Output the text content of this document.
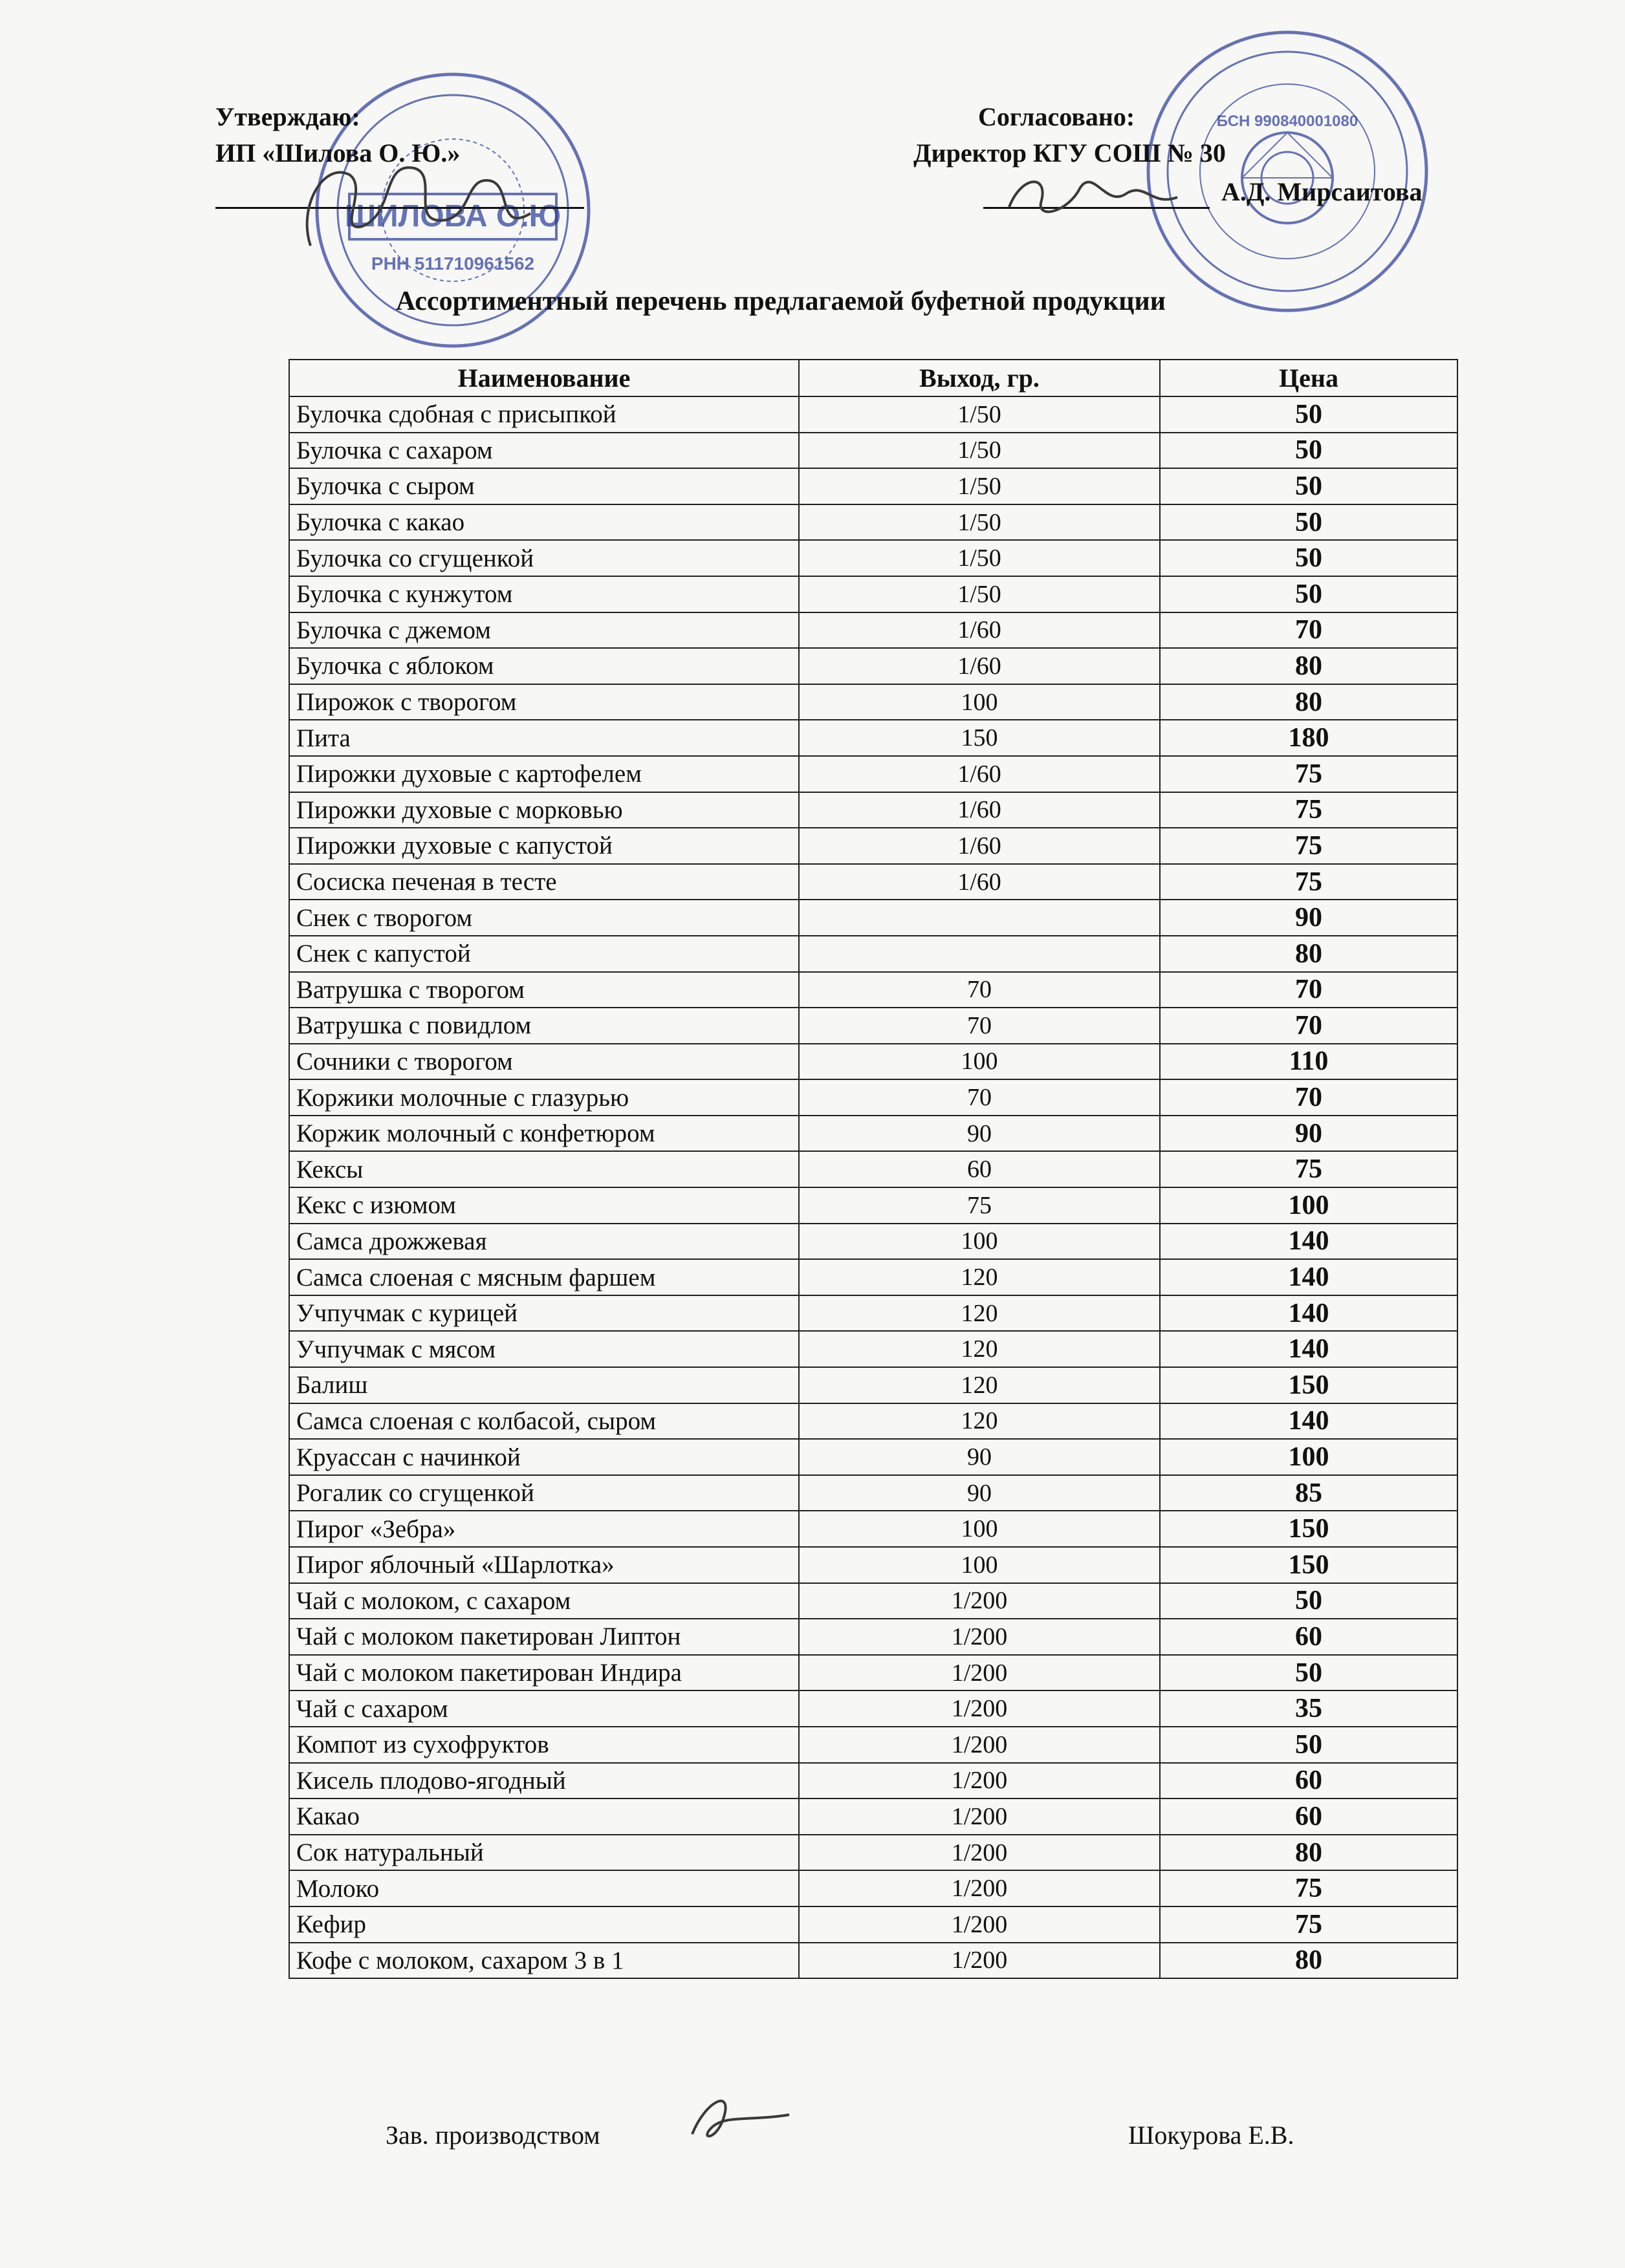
ШИЛОВА О.Ю
РНН 511710961562
БСН 990840001080
Утверждаю:
ИП «Шилова О. Ю.»
Согласовано:
Директор КГУ СОШ № 30
А.Д. Мирсаитова
Ассортиментный перечень предлагаемой буфетной продукции
Наименование	Выход, гр.	Цена
Булочка сдобная с присыпкой	1/50	50
Булочка с сахаром	1/50	50
Булочка с сыром	1/50	50
Булочка с какао	1/50	50
Булочка со сгущенкой	1/50	50
Булочка с кунжутом	1/50	50
Булочка с джемом	1/60	70
Булочка с яблоком	1/60	80
Пирожок с творогом	100	80
Пита	150	180
Пирожки духовые с картофелем	1/60	75
Пирожки духовые с морковью	1/60	75
Пирожки духовые с капустой	1/60	75
Сосиска печеная в тесте	1/60	75
Снек с творогом		90
Снек с капустой		80
Ватрушка с творогом	70	70
Ватрушка с повидлом	70	70
Сочники с творогом	100	110
Коржики молочные с глазурью	70	70
Коржик молочный с конфетюром	90	90
Кексы	60	75
Кекс с изюмом	75	100
Самса дрожжевая	100	140
Самса слоеная с мясным фаршем	120	140
Учпучмак с курицей	120	140
Учпучмак с мясом	120	140
Балиш	120	150
Самса слоеная с колбасой, сыром	120	140
Круассан с начинкой	90	100
Рогалик со сгущенкой	90	85
Пирог «Зебра»	100	150
Пирог яблочный «Шарлотка»	100	150
Чай с молоком, с сахаром	1/200	50
Чай с молоком пакетирован Липтон	1/200	60
Чай с молоком пакетирован Индира	1/200	50
Чай с сахаром	1/200	35
Компот из сухофруктов	1/200	50
Кисель плодово-ягодный	1/200	60
Какао	1/200	60
Сок натуральный	1/200	80
Молоко	1/200	75
Кефир	1/200	75
Кофе с молоком, сахаром 3 в 1	1/200	80
Зав. производством	Шокурова Е.В.
